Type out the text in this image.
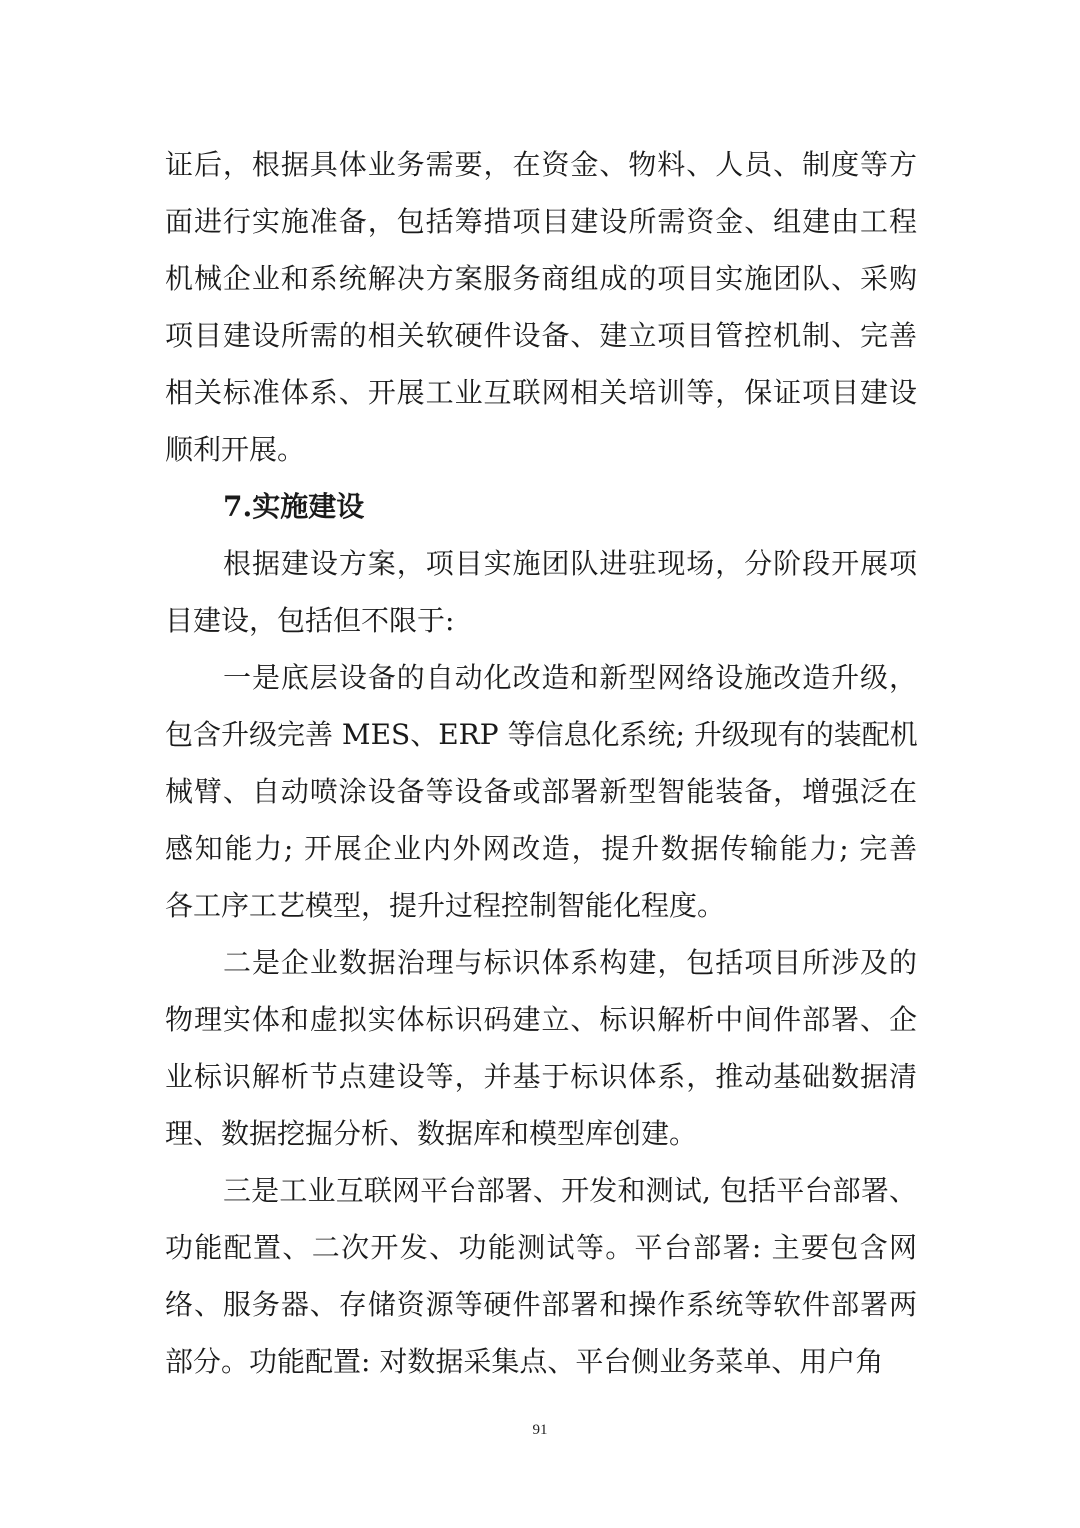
证后，根据具体业务需要，在资金、物料、人员、制度等方
面进行实施准备，包括筹措项目建设所需资金、组建由工程
机械企业和系统解决方案服务商组成的项目实施团队、采购
项目建设所需的相关软硬件设备、建立项目管控机制、完善
相关标准体系、开展工业互联网相关培训等，保证项目建设
顺利开展。
7.实施建设
根据建设方案，项目实施团队进驻现场，分阶段开展项
目建设，包括但不限于:
一是底层设备的自动化改造和新型网络设施改造升级，
包含升级完善 MES、ERP 等信息化系统; 升级现有的装配机
械臂、自动喷涂设备等设备或部署新型智能装备，增强泛在
感知能力; 开展企业内外网改造，提升数据传输能力; 完善
各工序工艺模型，提升过程控制智能化程度。
二是企业数据治理与标识体系构建，包括项目所涉及的
物理实体和虚拟实体标识码建立、标识解析中间件部署、企
业标识解析节点建设等，并基于标识体系，推动基础数据清
理、数据挖掘分析、数据库和模型库创建。
三是工业互联网平台部署、开发和测试, 包括平台部署、
功能配置、二次开发、功能测试等。平台部署: 主要包含网
络、服务器、存储资源等硬件部署和操作系统等软件部署两
部分。功能配置: 对数据采集点、平台侧业务菜单、用户角
91
